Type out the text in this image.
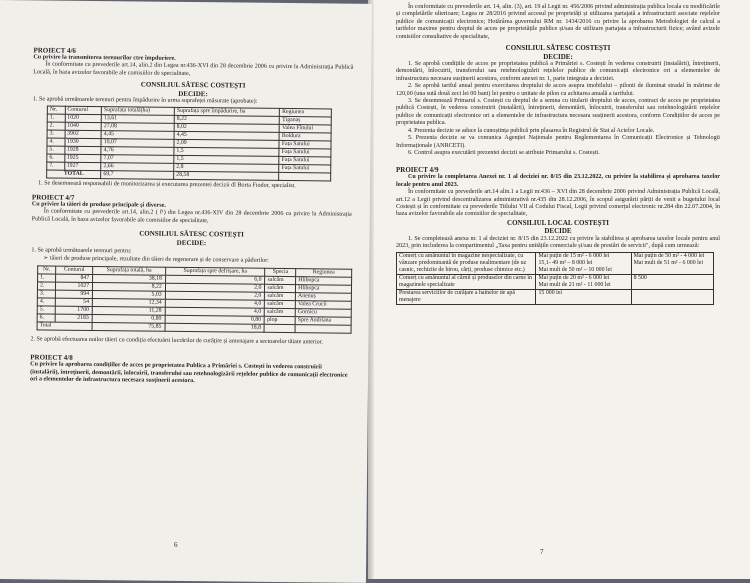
PROIECT 4/6

Cu privire la transmiterea terenurilor ctre împduriere.

În conformitate cu prevederile art.14, alin.2 din Legea nr.436-XVI din 28 decembrie 2006 cu privire la Administrația Publică Locală, în baza avizelor favorabile ale comisiilor de specialitate,

CONSILIUL SĂTESC COSTEȘTI
DECIDE:

1. Se aprobă următoarele terenuri pentru împădurire în urma suprafeței măsurate (aprobate):

Nr.	Conturul	Suprafața totală(ha)	Suprafața spre împădurire, ha	Regiunea
1.	1020	13,61	8,22	Țiganaș
2.	1040	27,08	8,02	Valea Fînului
3.	3902	4,45	4,45	Boldura
4.	1930	10,07	2,09	Fața Satului
5.	1928	4,76	1,5	Fața Satului
6.	1925	7,07	1,5	Fața Satului
7.	1927	2,66	2,8	Fața Satului
TOTAL		69,7	28,58	

1. Se desemnează responsabili de monitorizarea și executarea prezentei decizii dl Borta Fiodor, specialist.

PROIECT 4/7

Cu privire la tăieri de produse principale și diverse.

În conformitate cu prevederile art.14, alin.2 ( f¹) din Legea nr.436-XIV din 28 decembrie 2006 cu privire la Administrația Publică Locală, în baza avizelor favorabile ale comisiilor de specialitate,

CONSILIUL SĂTESC COSTEȘTI
DECIDE:

1. Se aprobă următoarele terenuri pentru:

➢ tăieri de produse principale, rezultate din tăieri de regenerare și de conservare a pădurilor:

Nr.	Conturul	Suprafața totală, ha	Suprafața spre defrișare, ha	Specia	Regiunea
1.	847	38,18	6,0	salcâm	Hlibopca
2.	1027	8,22	2,0	salcâm	Hlibopca
3.	994	5,03	2,0	salcâm	Anenuș
4.	54	12,34	4,0	salcâm	Valea Crucii
5.	1700	11,28	4,0	salcâm	Gornicu
6.	2183	0,80	0,80	plop	Spre Andriana
Total		75,85	18,8		

2. Se aprobă efectuarea noilor tăieri cu condiția efectuării lucrărilor de curățire și amenajare a sectoarelor tăiate anterior.

PROIECT 4/8

Cu privire la aprobarea condițiilor de acces pe proprietatea Publica a Primăriei s. Costești în vederea construirii (instalării), întreținerii, demontării, înlocuirii, transferului sau retehnologizării rețelelor publice de comunicații electronice ori a elementelor de infrastructura necesara susținerii acestora.

6

În conformitate cu prevederile art. 14, alin. (3), art. 19 al Legii nr. 456/2006 privind administrația publica locala cu modificările și completările ulterioare; Legea nr 28/2016 privind accesul pe proprietăți și utilizarea partajată a infrastructurii asociate rețelelor publice de comunicații electronice; Hotărârea guvernului RM nr. 1434/2016 cu privire la aprobarea Metodologiei de calcul a tarifelor maxime pentru dreptul de acces pe proprietățile publice și/sau de utilizare partajata a infrastructurii fizice; având avizele comisiilor consultative de specialitate,

CONSILIUL SĂTESC COSTEȘTI
DECIDE:

1. Se aprobă condițiile de acces pe proprietatea publică a Primăriei s. Costești în vederea construirii (instalării), întreținerii, demontării, înlocuirii, transferului sau retehnologizării rețelelor publice de comunicații electronice ori a elementelor de infrastructura necesara susținerii acestora, conform anexei nr. 1, parte integrata a deciziei.

2. Se aprobă tariful anual pentru exercitarea dreptului de acces asupra imobilului – pilonii de iluminat stradal în mărime de 120,00 (una sută două zeci lei 00 bani) lei pentru o unitate de pilon cu achitarea anuală a tarifului.

3. Se desemnează Primarul s. Costești cu dreptul de a semna cu titularii dreptului de acces, contract de acces pe proprietatea publică Costești, în vederea construirii (instalării), întreținerii, demontării, înlocuirii, transferului sau retehnologizării rețelelor publice de comunicații electronice ori a elementelor de infrastructura necesara susținerii acestora, conform Condițiilor de acces pe proprietatea publica.

4. Prezenta decizie se aduce la cunoștința publică prin plasarea în Registrul de Stat al Actelor Locale.

5. Prezenta decizie se va comunica Agenției Naționale pentru Reglementarea în Comunicații Electronice și Tehnologii Informaționale (ANRCETI).

6. Control asupra executării prezentei decizii se atribuie Primarului s. Costești.

PROIECT 4/9

Cu privire la completarea Anexei nr. 1 al deciziei nr. 8/15 din 23.12.2022, cu privire la stabilirea și aprobarea taxelor locale pentru anul 2023.

În conformitate cu prevederile art.14 alin.1 a Legii nr.436 – XVI din 28 decembrie 2006 privind Administrația Publică Locală, art.12 a Legii privind descentralizarea administrativă nr.435 din 28.12.2006, în scopul asigurării părții de venit a bugetului local Costești și în conformitate cu prevederile Titlului VII al Codului Fiscal, Legii privind comerțul electronic nr.284 din 22.07.2004, în baza avizelor favorabile ale comisiilor de specialitate,

CONSILIUL LOCAL COSTEȘTI
DECIDE

1. Se completează anexa nr. 1 al deciziei nr. 8/15 din 23.12.2022 cu privire la stabilirea și aprobarea taxelor locale pentru anul 2023, prin includerea la compartimentul „Taxa pentru unitățile comerciale și/sau de prestări de servicii", după cum urmează:

Comerț cu amănuntul în magazine nespecializate, cu vânzare predominantă de produse nealimentare (de uz casnic, rechizite de birou, cărți, produse chimice etc.)	Mai puțin de 15 m² - 6 000 lei
15,1- 49 m² – 8 000 lei
Mai mult de 50 m² – 10 000 lei	Mai puțin de 50 m² - 4 000 lei
Mai mult de 51 m² - 6 000 lei
Comerț cu amănuntul al cărnii și produselor din carne în magazinele specializate	Mai puțin de 20 m² - 6 000 lei
Mai mult de 21 m² - 11 000 lei	8 500
Prestarea serviciilor de curățare a hainelor de apă menajere	15 000 lei	
7
